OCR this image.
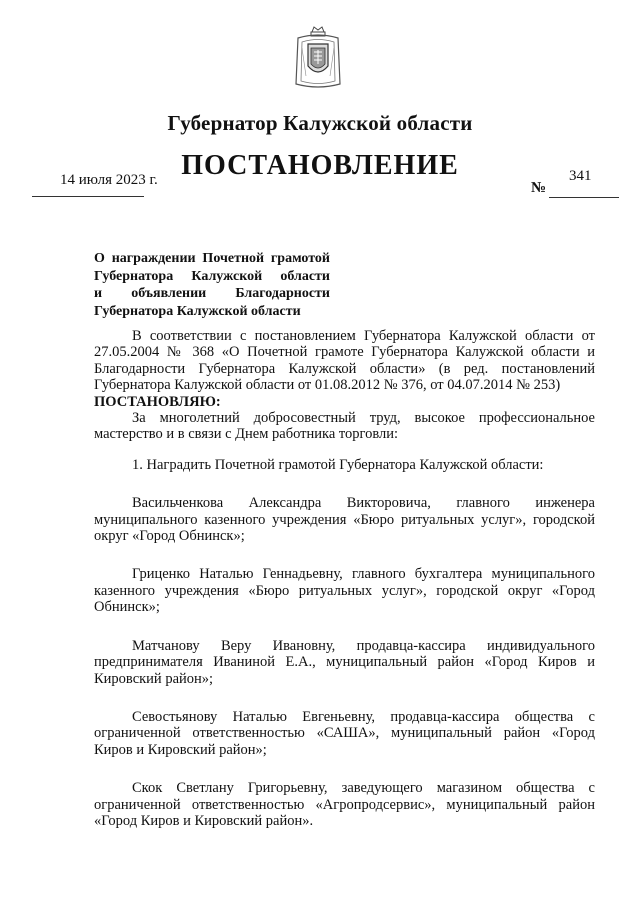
Губернатор Калужской области
ПОСТАНОВЛЕНИЕ
14 июля 2023 г.	№
341
О награждении Почетной грамотой
Губернатора Калужской области
и объявлении Благодарности
Губернатора Калужской области

В соответствии с постановлением Губернатора Калужской области от 27.05.2004 № 368 «О Почетной грамоте Губернатора Калужской области и Благодарности Губернатора Калужской области» (в ред. постановлений Губернатора Калужской области от 01.08.2012 № 376, от 04.07.2014 № 253)

ПОСТАНОВЛЯЮ:

За многолетний добросовестный труд, высокое профессиональное мастерство и в связи с Днем работника торговли:

1. Наградить Почетной грамотой Губернатора Калужской области:

Васильченкова Александра Викторовича, главного инженера муниципального казенного учреждения «Бюро ритуальных услуг», городской округ «Город Обнинск»;

Гриценко Наталью Геннадьевну, главного бухгалтера муниципального казенного учреждения «Бюро ритуальных услуг», городской округ «Город Обнинск»;

Матчанову Веру Ивановну, продавца-кассира индивидуального предпринимателя Иваниной Е.А., муниципальный район «Город Киров и Кировский район»;

Севостьянову Наталью Евгеньевну, продавца-кассира общества с ограниченной ответственностью «САША», муниципальный район «Город Киров и Кировский район»;

Скок Светлану Григорьевну, заведующего магазином общества с ограниченной ответственностью «Агропродсервис», муниципальный район «Город Киров и Кировский район».
